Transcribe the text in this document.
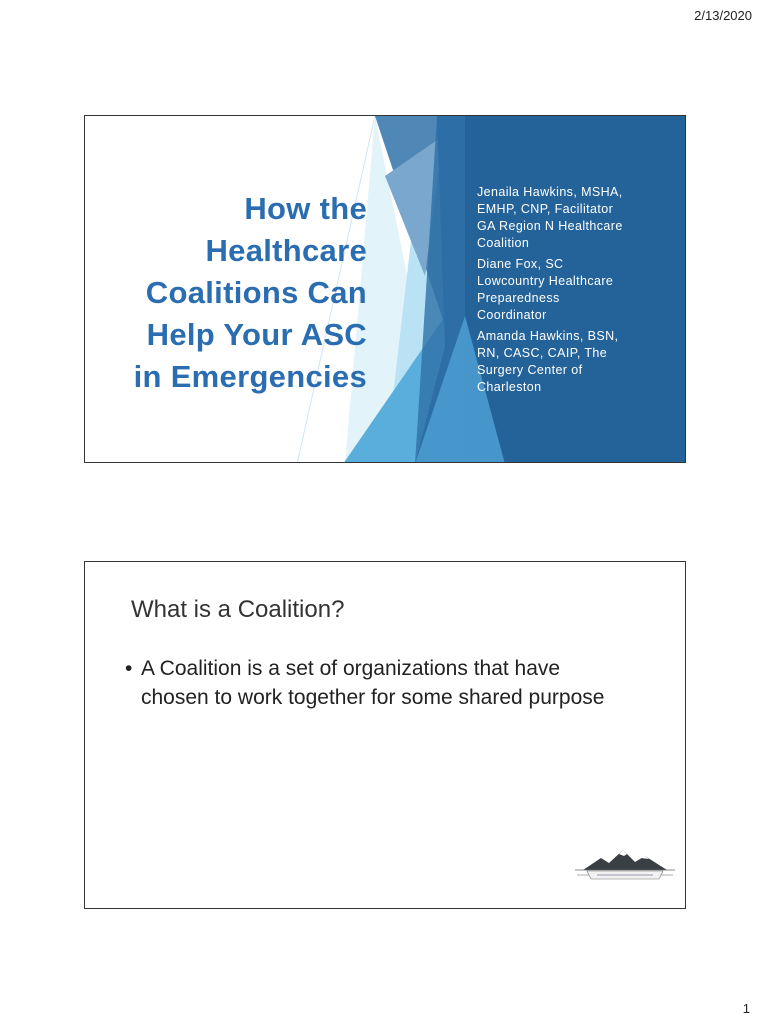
2/13/2020
How the
Healthcare
Coalitions Can
Help Your ASC
in Emergencies
Jenaila Hawkins, MSHA,
EMHP, CNP, Facilitator
GA Region N Healthcare
Coalition
Diane Fox, SC
Lowcountry Healthcare
Preparedness
Coordinator
Amanda Hawkins, BSN,
RN, CASC, CAIP, The
Surgery Center of
Charleston
What is a Coalition?
• A Coalition is a set of organizations that have chosen to work together for some shared purpose
1
